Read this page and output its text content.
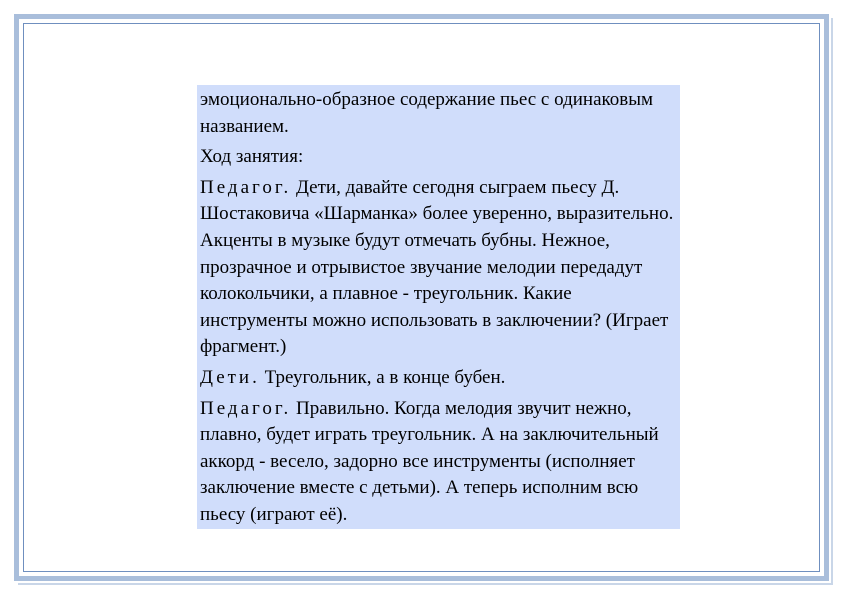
эмоционально-образное содержание пьес с одинаковым названием.

Ход занятия:

Педагог. Дети, давайте сегодня сыграем пьесу Д. Шостаковича «Шарманка» более уверенно, выразительно. Акценты в музыке будут отмечать бубны. Нежное, прозрачное и отрывистое звучание мелодии передадут колокольчики, а плавное - треугольник. Какие инструменты можно использовать в заключении? (Играет фрагмент.)

Дети. Треугольник, а в конце бубен.

Педагог. Правильно. Когда мелодия звучит нежно, плавно, будет играть треугольник. А на заключительный аккорд - весело, задорно все инструменты (исполняет заключение вместе с детьми). А теперь исполним всю пьесу (играют её).
